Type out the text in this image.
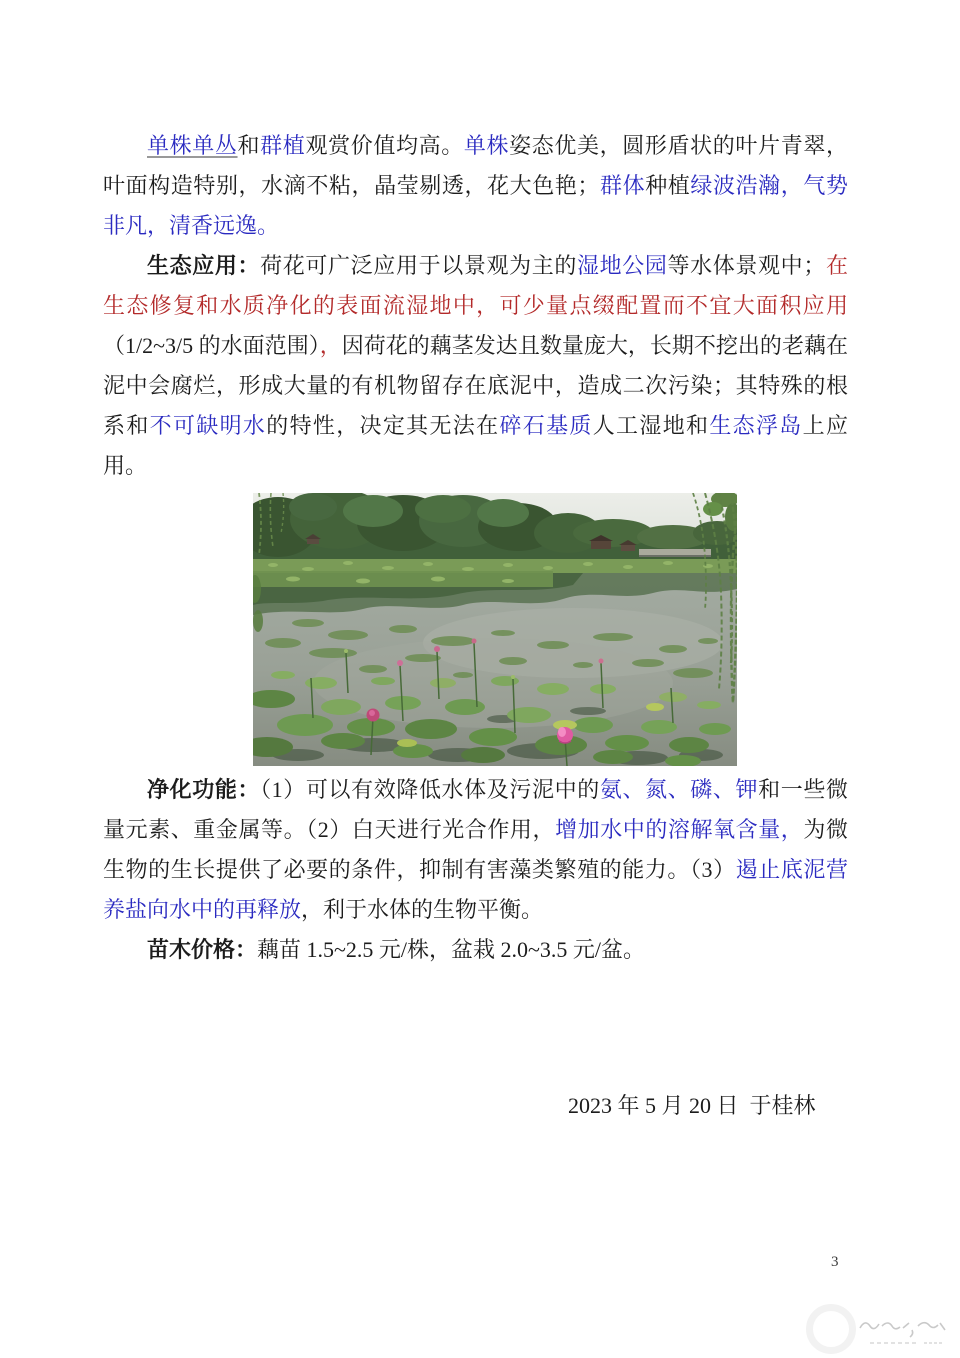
单株单丛和群植观赏价值均高。单株姿态优美，圆形盾状的叶片青翠，叶面构造特别，水滴不粘，晶莹剔透，花大色艳；群体种植绿波浩瀚，气势非凡，清香远逸。

生态应用：荷花可广泛应用于以景观为主的湿地公园等水体景观中；在生态修复和水质净化的表面流湿地中，可少量点缀配置而不宜大面积应用（1/2~3/5 的水面范围），因荷花的藕茎发达且数量庞大，长期不挖出的老藕在泥中会腐烂，形成大量的有机物留存在底泥中，造成二次污染；其特殊的根系和不可缺明水的特性，决定其无法在碎石基质人工湿地和生态浮岛上应用。

净化功能：（1）可以有效降低水体及污泥中的氨、氮、磷、钾和一些微量元素、重金属等。（2）白天进行光合作用，增加水中的溶解氧含量，为微生物的生长提供了必要的条件，抑制有害藻类繁殖的能力。（3）遏止底泥营养盐向水中的再释放，利于水体的生物平衡。

苗木价格：藕苗 1.5~2.5 元/株，盆栽 2.0~3.5 元/盆。

2023 年 5 月 20 日  于桂林
3
